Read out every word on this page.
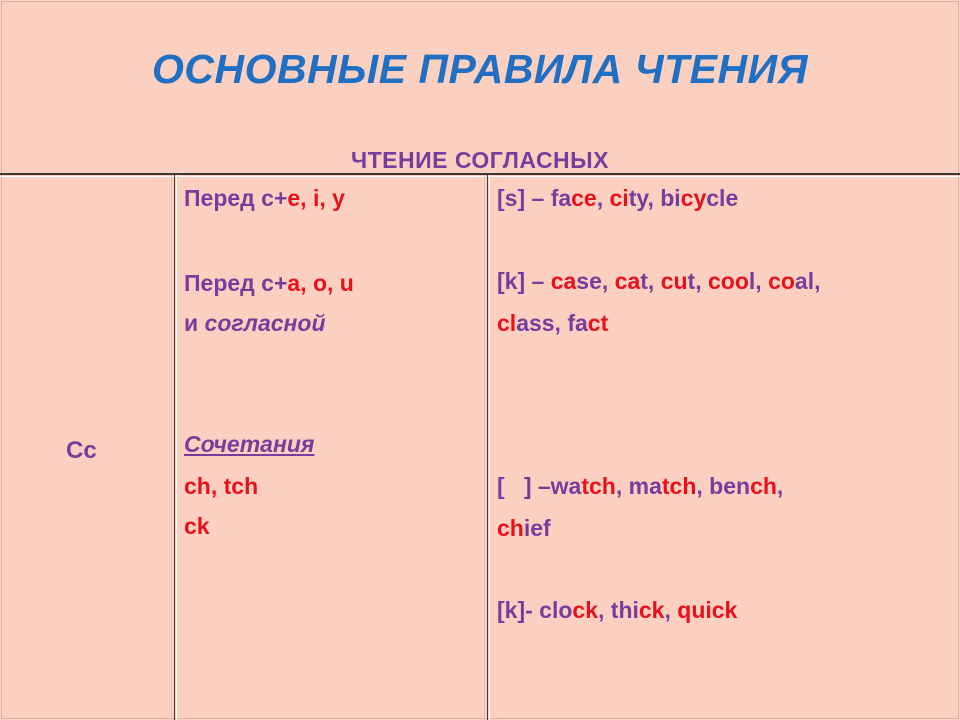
ОСНОВНЫЕ ПРАВИЛА ЧТЕНИЯ
ЧТЕНИЕ СОГЛАСНЫХ
Cc
Перед c+e, i, y
Перед c+a, o, u
и согласной
Сочетания
ch, tch
ck
[s] – face, city, bicycle
[k] – case, cat, cut, cool, coal,
class, fact
[   ] –watch, match, bench,
chief
[k]- clock, thick, quick
